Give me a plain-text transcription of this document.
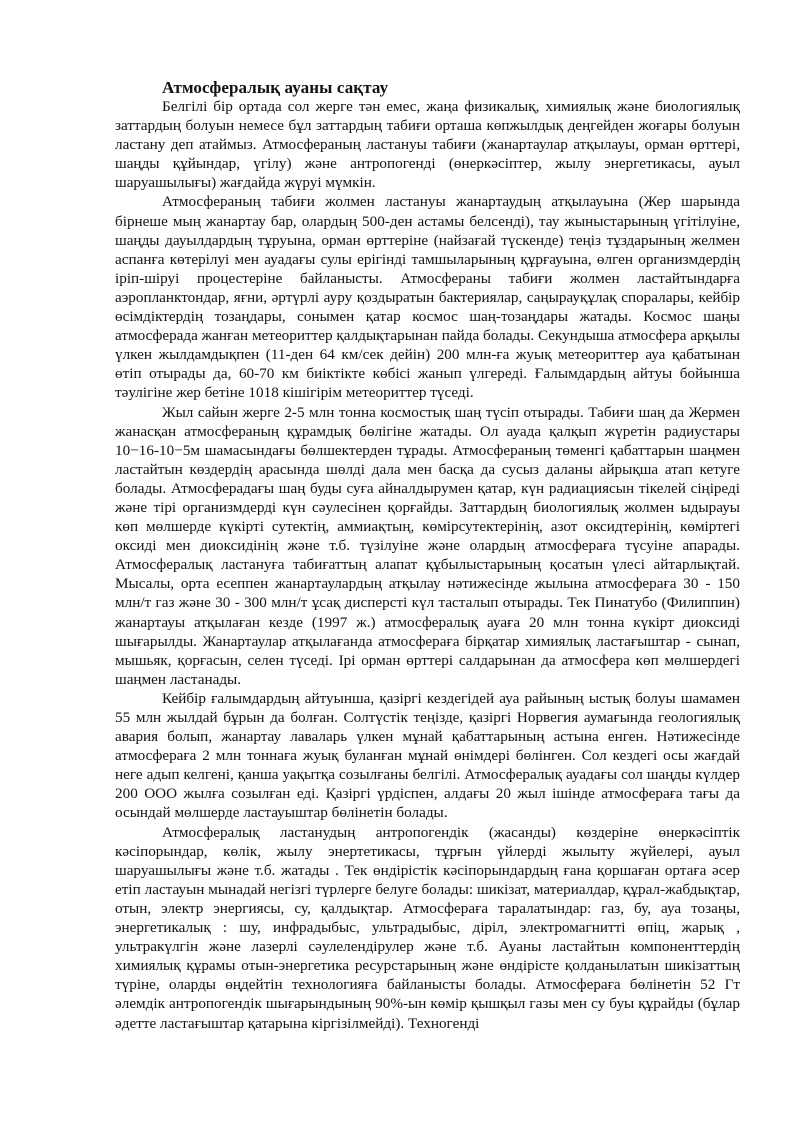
Атмосфералық ауаны сақтау

Белгілі бір ортада сол жерге тән емес, жаңа физикалық, химиялық және биологиялық заттардың болуын немесе бұл заттардың табиғи орташа көпжылдық деңгейден жоғары болуын ластану деп атаймыз. Атмосфераның ластануы табиғи (жанартаулар атқылауы, орман өрттері, шаңды құйындар, үгілу) және антропогенді (өнеркәсіптер, жылу энергетикасы, ауыл шаруашылығы) жағдайда жүруі мүмкін.

Атмосфераның табиғи жолмен ластануы жанартаудың атқылауына (Жер шарында бірнеше мың жанартау бар, олардың 500-ден астамы белсенді), тау жыныстарының үгітілуіне, шаңды дауылдардың тұруына, орман өрттеріне (найзағай түскенде) теңіз тұздарының желмен аспанға көтерілуі мен ауадағы сулы ерігінді тамшыларының құрғауына, өлген организмдердің іріп-шіруі процестеріне байланысты. Атмосфераны табиғи жолмен ластайтындарға аэропланктондар, яғни, әртүрлі ауру қоздыратын бактериялар, саңырауқұлақ споралары, кейбір өсімдіктердің тозаңдары, сонымен қатар космос шаң-тозаңдары жатады. Космос шаңы атмосферада жанған метеориттер қалдықтарынан пайда болады. Секундыша атмосфера арқылы үлкен жылдамдықпен (11-ден 64 км/сек дейін) 200 млн-ға жуық метеориттер ауа қабатынан өтіп отырады да, 60-70 км биіктікте көбісі жанып үлгереді. Ғалымдардың айтуы бойынша тәулігіне жер бетіне 1018 кішігірім метеориттер түседі.

Жыл сайын жерге 2-5 млн тонна космостық шаң түсіп отырады. Табиғи шаң да Жермен жанасқан атмосфераның құрамдық бөлігіне жатады. Ол ауада қалқып жүретін радиустары 10−16-10−5м шамасындағы бөлшектерден тұрады. Атмосфераның төменгі қабаттарын шаңмен ластайтын көздердің арасында шөлді дала мен басқа да сусыз даланы айрықша атап кетуге болады. Атмосферадағы шаң буды суға айналдырумен қатар, күн радиациясын тікелей сіңіреді және тірі организмдерді күн сәулесінен қорғайды. Заттардың биологиялық жолмен ыдырауы көп мөлшерде күкірті сутектің, аммиақтың, көмірсутектерінің, азот оксидтерінің, көміртегі оксиді мен диоксидінің және т.б. түзілуіне және олардың атмосфераға түсуіне апарады. Атмосфералық ластануға табиғаттың алапат құбылыстарының қосатын үлесі айтарлықтай. Мысалы, орта есеппен жанартаулардың атқылау нәтижесінде жылына атмосфераға 30 - 150 млн/т газ және 30 - 300 млн/т ұсақ дисперсті күл тасталып отырады. Тек Пинатубо (Филиппин) жанартауы атқылаған кезде (1997 ж.) атмосфералық ауаға 20 млн тонна күкірт диоксиді шығарылды. Жанартаулар атқылағанда атмосфераға бірқатар химиялық ластағыштар - сынап, мышьяк, қорғасын, селен түседі. Ірі орман өрттері салдарынан да атмосфера көп мөлшердегі шаңмен ластанады.

Кейбір ғалымдардың айтуынша, қазіргі кездегідей ауа райының ыстық болуы шамамен 55 млн жылдай бұрын да болған. Солтүстік теңізде, қазіргі Норвегия аумағында геологиялық авария болып, жанартау лаваларь үлкен мұнай қабаттарының астына енген. Нәтижесінде атмосфераға 2 млн тоннаға жуық буланған мұнай өнімдері бөлінген. Сол кездегі осы жағдай неге адып келгені, қанша уақытқа созылғаны белгілі. Атмосфералық ауадағы сол шаңды күлдер 200 ООО жылға созылған еді. Қазіргі үрдіспен, алдағы 20 жыл ішінде атмосфераға тағы да осындай мөлшерде ластауыштар бөлінетін болады.

Атмосфералық ластанудың антропогендік (жасанды) көздеріне өнеркәсіптік кәсіпорындар, көлік, жылу энертетикасы, тұрғын үйлерді жылыту жүйелері, ауыл шаруашылығы және т.б. жатады . Тек өндірістік кәсіпорындардың ғана қоршаған ортаға әсер етіп ластауын мынадай негізгі түрлерге белуге болады: шикізат, материалдар, құрал-жабдықтар, отын, электр энергиясы, су, қалдықтар. Атмосфераға таралатындар: газ, бу, ауа тозаңы, энергетикалық : шу, инфрадыбыс, ультрадыбыс, діріл, электромагнитті өпіц, жарық , ультракүлгін және лазерлі сәулелендірулер және т.б. Ауаны ластайтын компоненттердің химиялық құрамы отын-энергетика ресурстарының және өндірісте қолданылатын шикізаттың түріне, оларды өңдейтін технологияға байланысты болады. Атмосфераға бөлінетін 52 Гт әлемдік антропогендік шығарындының 90%-ын көмір қышқыл газы мен су буы құрайды (бұлар әдетте ластағыштар қатарына кіргізілмейді). Техногенді
